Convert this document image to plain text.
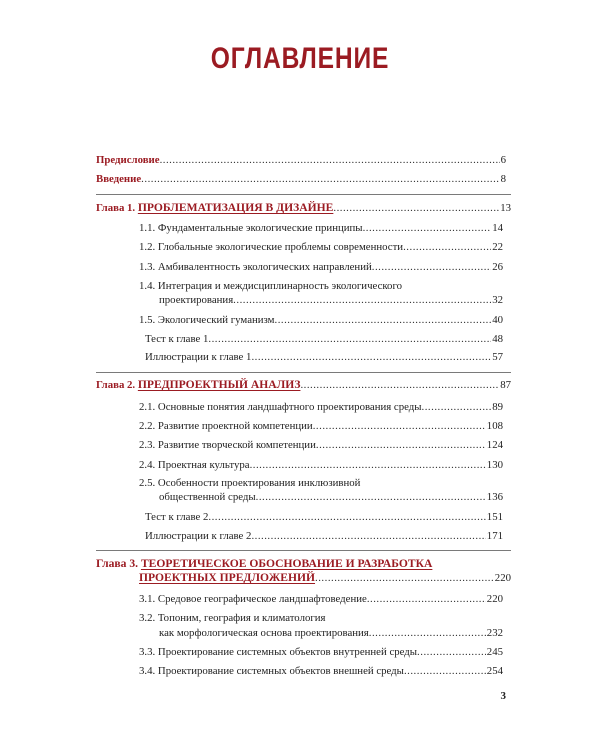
ОГЛАВЛЕНИЕ
Предисловие .....	6
Введение .....	8
Глава 1. ПРОБЛЕМАТИЗАЦИЯ В ДИЗАЙНЕ .....	13
1.1. Фундаментальные экологические принципы .....	14
1.2. Глобальные экологические проблемы современности .....	22
1.3. Амбивалентность экологических направлений .....	26
1.4. Интеграция и междисциплинарность экологического
проектирования .....	32
1.5. Экологический гуманизм .....	40
Тест к главе 1 .....	48
Иллюстрации к главе 1 .....	57
Глава 2. ПРЕДПРОЕКТНЫЙ АНАЛИЗ .....	87
2.1. Основные понятия ландшафтного проектирования среды .....	89
2.2. Развитие проектной компетенции .....	108
2.3. Развитие творческой компетенции .....	124
2.4. Проектная культура .....	130
2.5. Особенности проектирования инклюзивной
общественной среды .....	136
Тест к главе 2 .....	151
Иллюстрации к главе 2 .....	171
Глава 3. ТЕОРЕТИЧЕСКОЕ ОБОСНОВАНИЕ И РАЗРАБОТКА
ПРОЕКТНЫХ ПРЕДЛОЖЕНИЙ .....	220
3.1. Средовое географическое ландшафтоведение .....	220
3.2. Топоним, география и климатология
как морфологическая основа проектирования .....	232
3.3. Проектирование системных объектов внутренней среды .....	245
3.4. Проектирование системных объектов внешней среды .....	254
3
